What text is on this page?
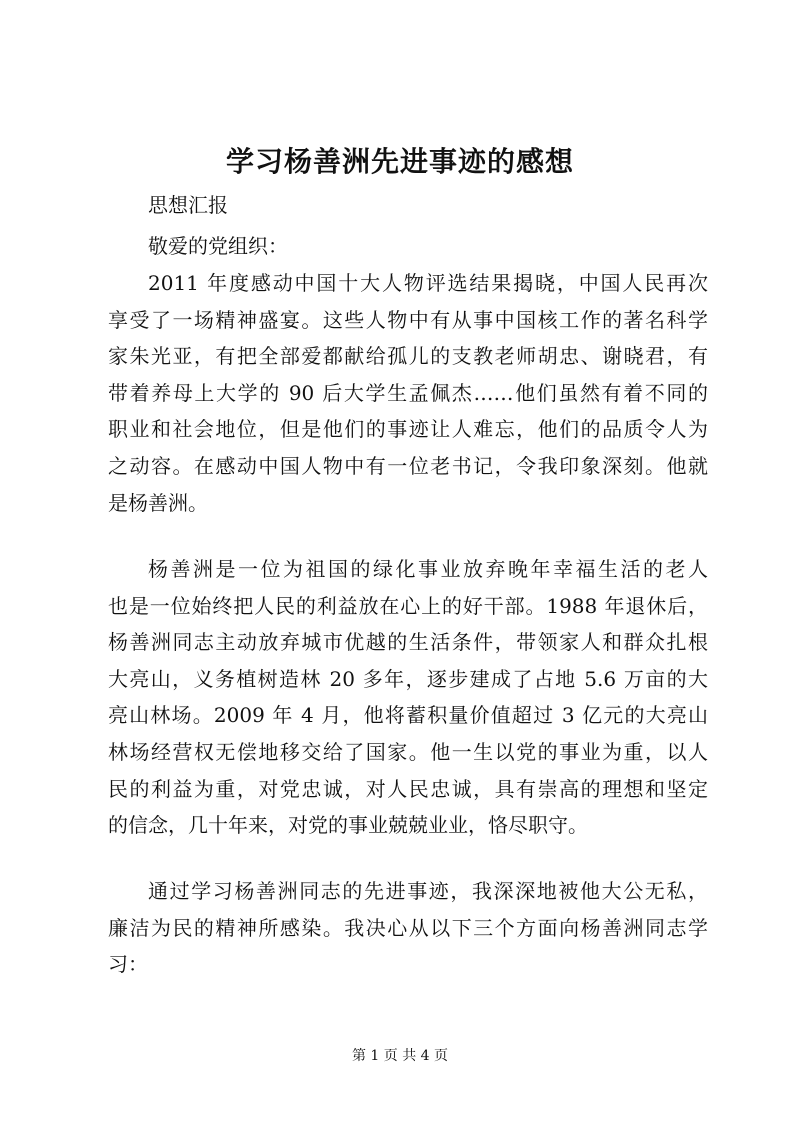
学习杨善洲先进事迹的感想

思想汇报

敬爱的党组织：

2011 年度感动中国十大人物评选结果揭晓，中国人民再次
享受了一场精神盛宴。这些人物中有从事中国核工作的著名科学
家朱光亚，有把全部爱都献给孤儿的支教老师胡忠、谢晓君，有
带着养母上大学的 90 后大学生孟佩杰……他们虽然有着不同的
职业和社会地位，但是他们的事迹让人难忘，他们的品质令人为
之动容。在感动中国人物中有一位老书记，令我印象深刻。他就
是杨善洲。
杨善洲是一位为祖国的绿化事业放弃晚年幸福生活的老人
也是一位始终把人民的利益放在心上的好干部。1988 年退休后，
杨善洲同志主动放弃城市优越的生活条件，带领家人和群众扎根
大亮山，义务植树造林 20 多年，逐步建成了占地 5.6 万亩的大
亮山林场。2009 年 4 月，他将蓄积量价值超过 3 亿元的大亮山
林场经营权无偿地移交给了国家。他一生以党的事业为重，以人
民的利益为重，对党忠诚，对人民忠诚，具有崇高的理想和坚定
的信念，几十年来，对党的事业兢兢业业，恪尽职守。
通过学习杨善洲同志的先进事迹，我深深地被他大公无私，
廉洁为民的精神所感染。我决心从以下三个方面向杨善洲同志学
习：

第 1 页 共 4 页
